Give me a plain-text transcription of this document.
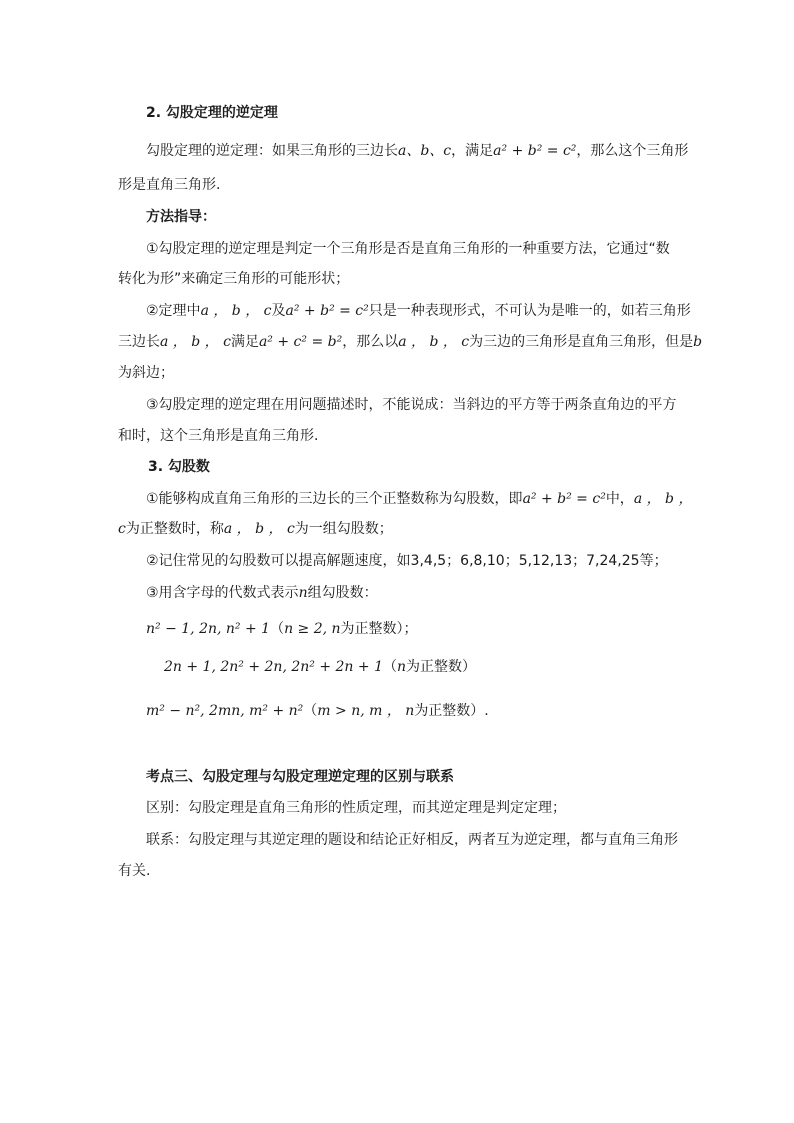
2. 勾股定理的逆定理
勾股定理的逆定理：如果三角形的三边长a、b、c，满足a² + b² = c²，那么这个三角形
形是直角三角形.
方法指导：
①勾股定理的逆定理是判定一个三角形是否是直角三角形的一种重要方法，它通过“数
转化为形”来确定三角形的可能形状；
②定理中a ， b ， c及a² + b² = c²只是一种表现形式，不可认为是唯一的，如若三角形
三边长a ， b ， c满足a² + c² = b²，那么以a ， b ， c为三边的三角形是直角三角形，但是b
为斜边；
③勾股定理的逆定理在用问题描述时，不能说成：当斜边的平方等于两条直角边的平方
和时，这个三角形是直角三角形.
3. 勾股数
①能够构成直角三角形的三边长的三个正整数称为勾股数，即a² + b² = c²中，a ， b ，
c为正整数时，称a ， b ， c为一组勾股数；
②记住常见的勾股数可以提高解题速度，如3,4,5；6,8,10；5,12,13；7,24,25等；
③用含字母的代数式表示n组勾股数：
n² − 1, 2n, n² + 1（n ≥ 2, n为正整数）；
2n + 1, 2n² + 2n, 2n² + 2n + 1（n为正整数）
m² − n², 2mn, m² + n²（m > n, m ， n为正整数）.
考点三、勾股定理与勾股定理逆定理的区别与联系
区别：勾股定理是直角三角形的性质定理，而其逆定理是判定定理；
联系：勾股定理与其逆定理的题设和结论正好相反，两者互为逆定理，都与直角三角形
有关.
